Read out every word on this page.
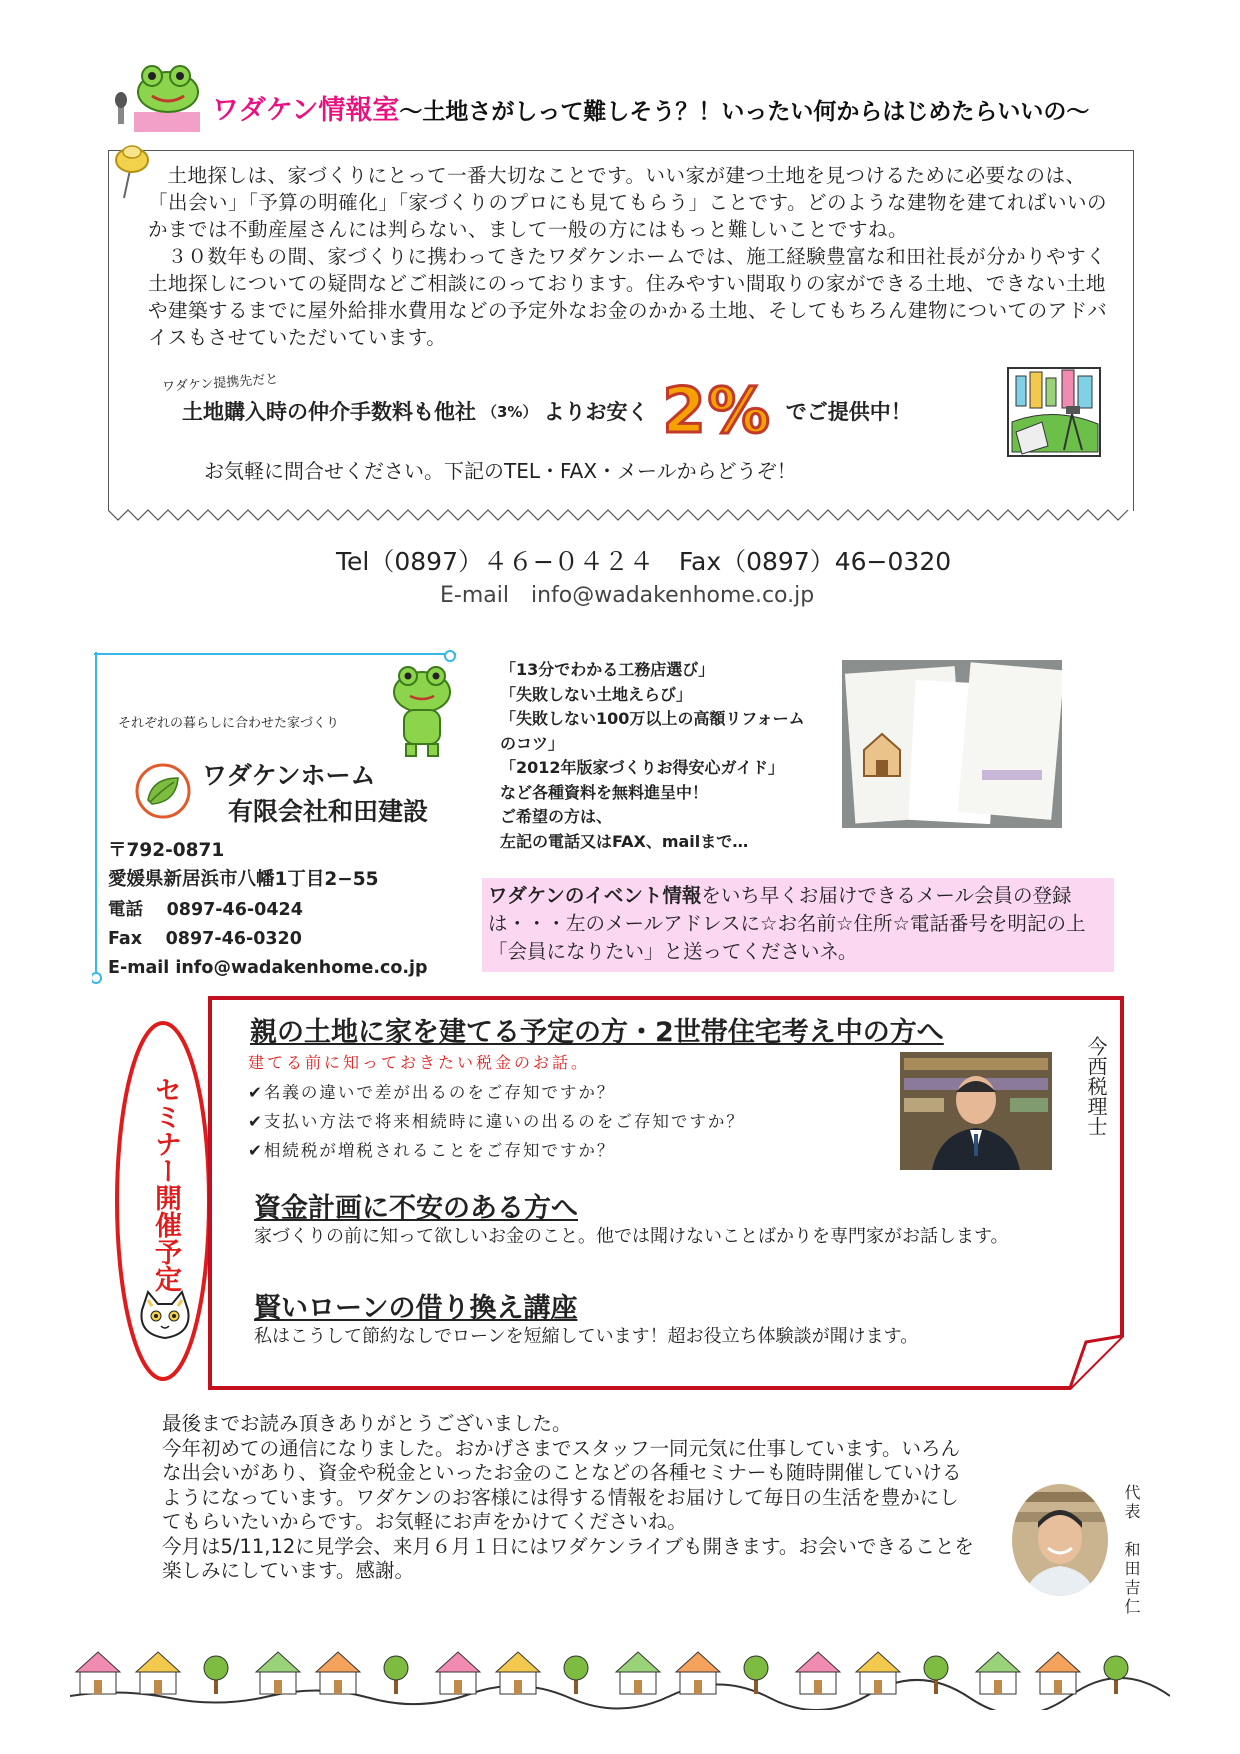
ワダケン情報室～土地さがしって難しそう？！いったい何からはじめたらいいの～

土地探しは、家づくりにとって一番大切なことです。いい家が建つ土地を見つけるために必要なのは、「出会い」「予算の明確化」「家づくりのプロにも見てもらう」ことです。どのような建物を建てればいいのかまでは不動産屋さんには判らない、まして一般の方にはもっと難しいことですね。

３０数年もの間、家づくりに携わってきたワダケンホームでは、施工経験豊富な和田社長が分かりやすく土地探しについての疑問などご相談にのっております。住みやすい間取りの家ができる土地、できない土地や建築するまでに屋外給排水費用などの予定外なお金のかかる土地、そしてもちろん建物についてのアドバイスもさせていただいています。

ワダケン提携先だと
土地購入時の仲介手数料も他社 （3%） よりお安く 2% でご提供中！
お気軽に問合せください。下記のTEL・FAX・メールからどうぞ！
Tel（0897）４６−０４２４　Fax（0897）46−0320
E-mail　info@wadakenhome.co.jp
それぞれの暮らしに合わせた家づくり
ワダケンホーム
有限会社和田建設
〒792-0871
愛媛県新居浜市八幡1丁目2−55
電話　 0897-46-0424
Fax　 0897-46-0320
E-mail info@wadakenhome.co.jp
「13分でわかる工務店選び」
「失敗しない土地えらび」
「失敗しない100万以上の高額リフォーム
のコツ」
「2012年版家づくりお得安心ガイド」
など各種資料を無料進呈中！
ご希望の方は、
左記の電話又はFAX、mailまで…
ワダケンのイベント情報をいち早くお届けできるメール会員の登録は・・・左のメールアドレスに☆お名前☆住所☆電話番号を明記の上「会員になりたい」と送ってくださいネ。
セミナー開催予定
親の土地に家を建てる予定の方・2世帯住宅考え中の方へ
建てる前に知っておきたい税金のお話。
✔名義の違いで差が出るのをご存知ですか？
✔支払い方法で将来相続時に違いの出るのをご存知ですか？
✔相続税が増税されることをご存知ですか？
今西税理士
資金計画に不安のある方へ
家づくりの前に知って欲しいお金のこと。他では聞けないことばかりを専門家がお話します。
賢いローンの借り換え講座
私はこうして節約なしでローンを短縮しています！超お役立ち体験談が聞けます。

最後までお読み頂きありがとうございました。

今年初めての通信になりました。おかげさまでスタッフ一同元気に仕事しています。いろんな出会いがあり、資金や税金といったお金のことなどの各種セミナーも随時開催していけるようになっています。ワダケンのお客様には得する情報をお届けして毎日の生活を豊かにしてもらいたいからです。お気軽にお声をかけてくださいね。

今月は5/11,12に見学会、来月６月１日にはワダケンライブも開きます。お会いできることを楽しみにしています。感謝。	代表　和田吉仁
